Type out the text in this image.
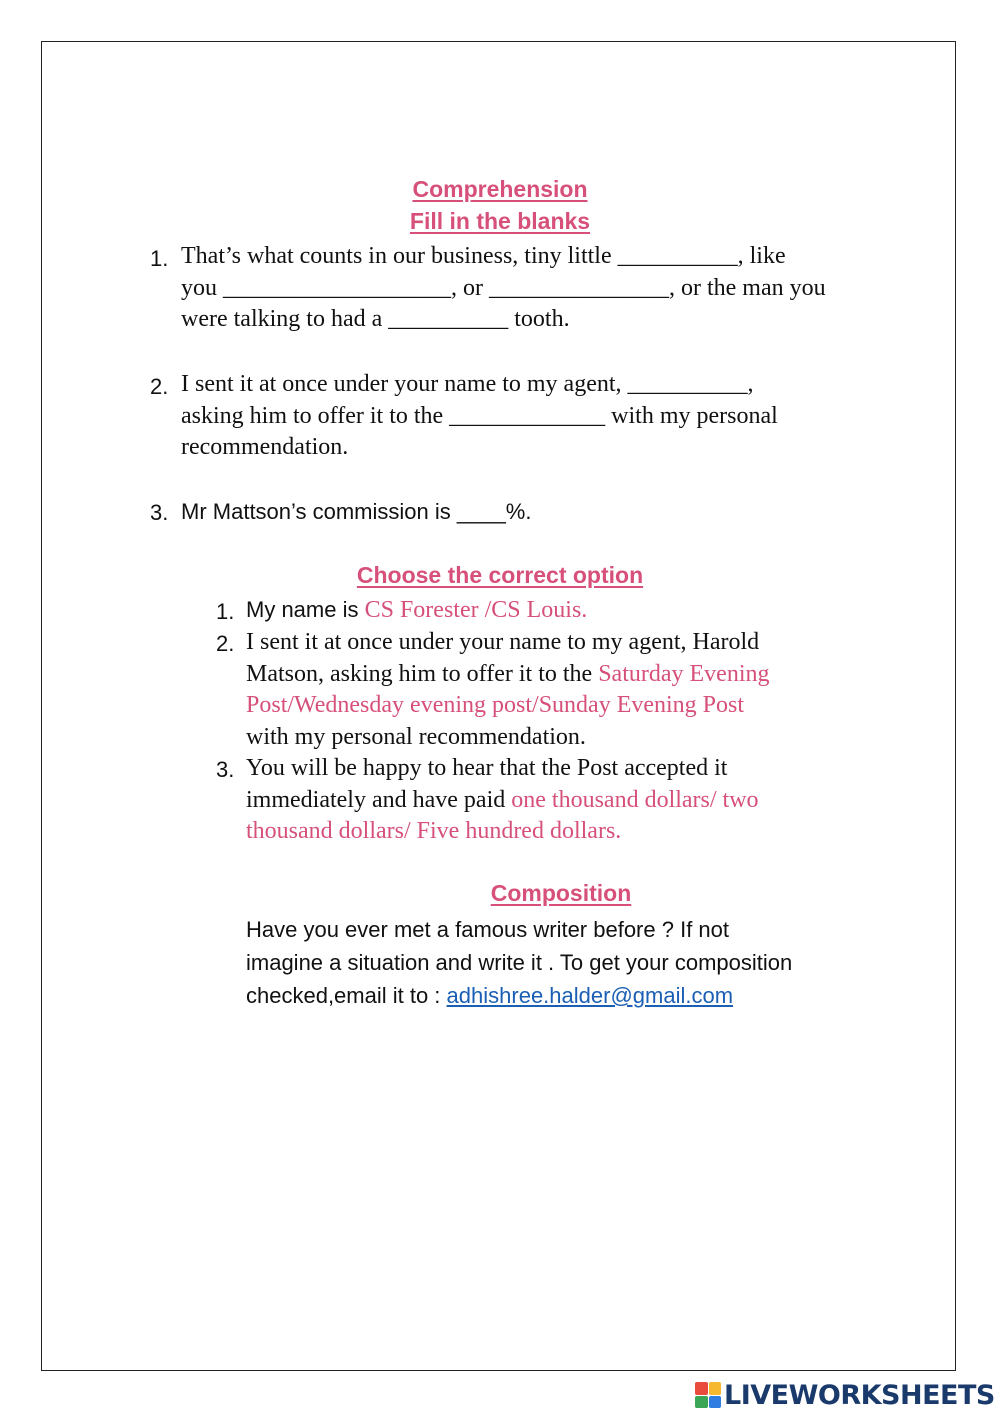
Comprehension
Fill in the blanks
1. That’s what counts in our business, tiny little __________, like
you ___________________, or _______________, or the man you
were talking to had a __________ tooth.
2. I sent it at once under your name to my agent, __________,
asking him to offer it to the _____________ with my personal
recommendation.
3. Mr Mattson’s commission is ____%.
Choose the correct option
1. My name is CS Forester /CS Louis.
2. I sent it at once under your name to my agent, Harold
Matson, asking him to offer it to the Saturday Evening
Post/Wednesday evening post/Sunday Evening Post
with my personal recommendation.
3. You will be happy to hear that the Post accepted it
immediately and have paid one thousand dollars/ two
thousand dollars/ Five hundred dollars.
Composition
Have you ever met a famous writer before ? If not
imagine a situation and write it . To get your composition
checked,email it to : adhishree.halder@gmail.com
LIVEWORKSHEETS
